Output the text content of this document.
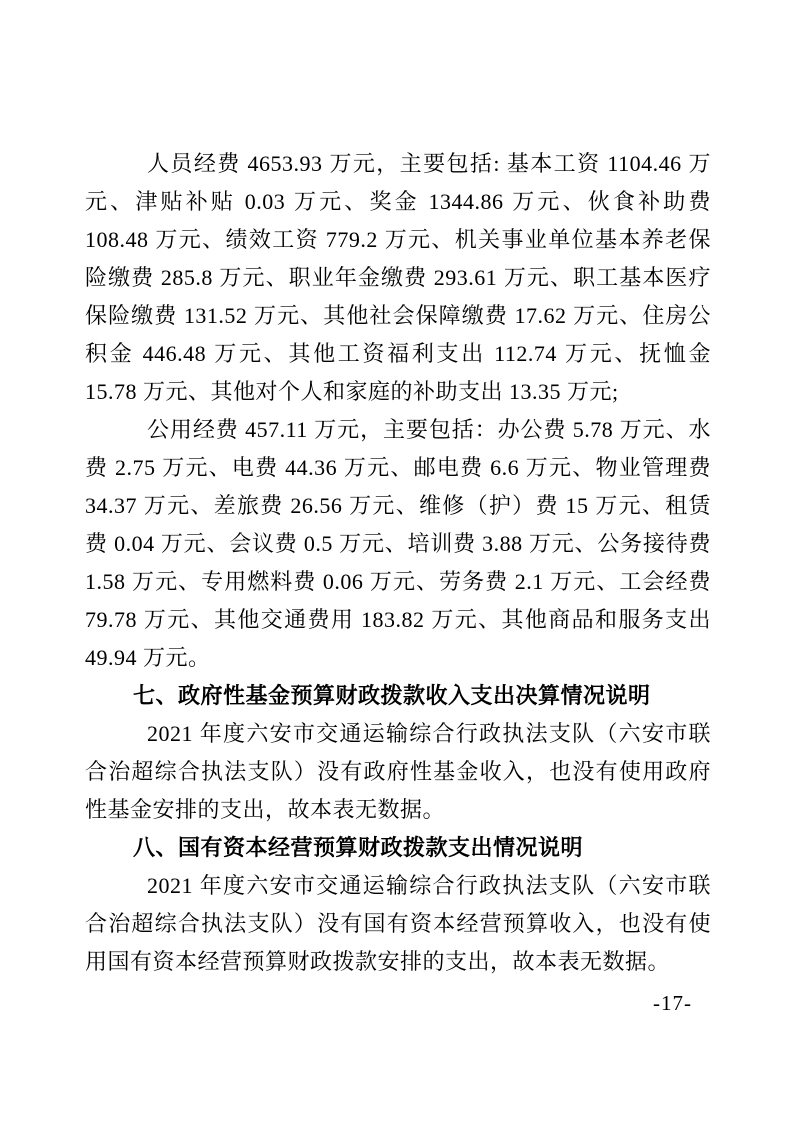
人员经费 4653.93 万元，主要包括: 基本工资 1104.46 万元、津贴补贴 0.03 万元、奖金 1344.86 万元、伙食补助费 108.48 万元、绩效工资 779.2 万元、机关事业单位基本养老保险缴费 285.8 万元、职业年金缴费 293.61 万元、职工基本医疗保险缴费 131.52 万元、其他社会保障缴费 17.62 万元、住房公积金 446.48 万元、其他工资福利支出 112.74 万元、抚恤金 15.78 万元、其他对个人和家庭的补助支出 13.35 万元;

公用经费 457.11 万元，主要包括：办公费 5.78 万元、水费 2.75 万元、电费 44.36 万元、邮电费 6.6 万元、物业管理费 34.37 万元、差旅费 26.56 万元、维修（护）费 15 万元、租赁费 0.04 万元、会议费 0.5 万元、培训费 3.88 万元、公务接待费 1.58 万元、专用燃料费 0.06 万元、劳务费 2.1 万元、工会经费 79.78 万元、其他交通费用 183.82 万元、其他商品和服务支出 49.94 万元。

七、政府性基金预算财政拨款收入支出决算情况说明

2021 年度六安市交通运输综合行政执法支队（六安市联合治超综合执法支队）没有政府性基金收入，也没有使用政府性基金安排的支出，故本表无数据。

八、国有资本经营预算财政拨款支出情况说明

2021 年度六安市交通运输综合行政执法支队（六安市联合治超综合执法支队）没有国有资本经营预算收入，也没有使用国有资本经营预算财政拨款安排的支出，故本表无数据。

-17-
